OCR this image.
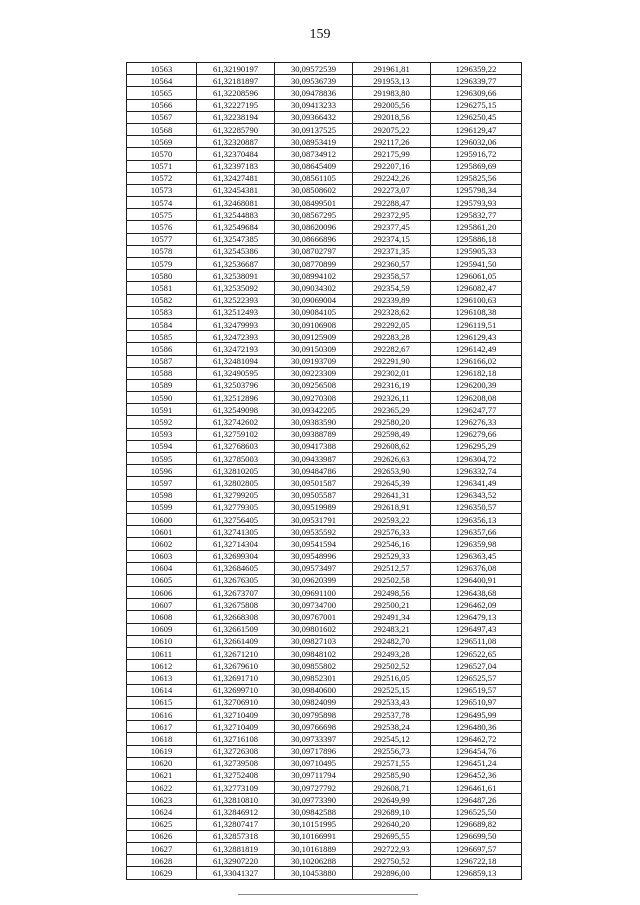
159
10563	61,32190197	30,09572539	291961,81	1296359,22
10564	61,32181897	30,09536739	291953,13	1296339,77
10565	61,32208596	30,09478836	291983,80	1296309,66
10566	61,32227195	30,09413233	292005,56	1296275,15
10567	61,32238194	30,09366432	292018,56	1296250,45
10568	61,32285790	30,09137525	292075,22	1296129,47
10569	61,32320887	30,08953419	292117,26	1296032,06
10570	61,32370484	30,08734912	292175,99	1295916,72
10571	61,32397183	30,08645409	292207,16	1295869,69
10572	61,32427481	30,08561105	292242,26	1295825,56
10573	61,32454381	30,08508602	292273,07	1295798,34
10574	61,32468081	30,08499501	292288,47	1295793,93
10575	61,32544883	30,08567295	292372,95	1295832,77
10576	61,32549684	30,08620096	292377,45	1295861,20
10577	61,32547385	30,08666896	292374,15	1295886,18
10578	61,32545386	30,08702797	292371,35	1295905,33
10579	61,32536687	30,08770899	292360,57	1295941,50
10580	61,32538091	30,08994102	292358,57	1296061,05
10581	61,32535092	30,09034302	292354,59	1296082,47
10582	61,32522393	30,09069004	292339,89	1296100,63
10583	61,32512493	30,09084105	292328,62	1296108,38
10584	61,32479993	30,09106908	292292,05	1296119,51
10585	61,32472393	30,09125909	292283,28	1296129,43
10586	61,32472193	30,09150309	292282,67	1296142,49
10587	61,32481094	30,09193709	292291,90	1296166,02
10588	61,32490595	30,09223309	292302,01	1296182,18
10589	61,32503796	30,09256508	292316,19	1296200,39
10590	61,32512896	30,09270308	292326,11	1296208,08
10591	61,32549098	30,09342205	292365,29	1296247,77
10592	61,32742602	30,09383590	292580,20	1296276,33
10593	61,32759102	30,09388789	292598,49	1296279,66
10594	61,32768603	30,09417388	292608,62	1296295,29
10595	61,32785003	30,09433987	292626,63	1296304,72
10596	61,32810205	30,09484786	292653,90	1296332,74
10597	61,32802805	30,09501587	292645,39	1296341,49
10598	61,32799205	30,09505587	292641,31	1296343,52
10599	61,32779305	30,09519989	292618,91	1296350,57
10600	61,32756405	30,09531791	292593,22	1296356,13
10601	61,32741305	30,09535592	292576,33	1296357,66
10602	61,32714304	30,09541594	292546,16	1296359,98
10603	61,32699304	30,09548996	292529,33	1296363,45
10604	61,32684605	30,09573497	292512,57	1296376,08
10605	61,32676305	30,09620399	292502,58	1296400,91
10606	61,32673707	30,09691100	292498,56	1296438,68
10607	61,32675808	30,09734700	292500,21	1296462,09
10608	61,32668308	30,09767001	292491,34	1296479,13
10609	61,32661509	30,09801602	292483,21	1296497,43
10610	61,32661409	30,09827103	292482,70	1296511,08
10611	61,32671210	30,09848102	292493,28	1296522,65
10612	61,32679610	30,09855802	292502,52	1296527,04
10613	61,32691710	30,09852301	292516,05	1296525,57
10614	61,32699710	30,09840600	292525,15	1296519,57
10615	61,32706910	30,09824099	292533,43	1296510,97
10616	61,32710409	30,09795898	292537,78	1296495,99
10617	61,32710409	30,09766698	292538,24	1296480,36
10618	61,32716108	30,09733397	292545,12	1296462,72
10619	61,32726308	30,09717896	292556,73	1296454,76
10620	61,32739508	30,09710495	292571,55	1296451,24
10621	61,32752408	30,09711794	292585,90	1296452,36
10622	61,32773109	30,09727792	292608,71	1296461,61
10623	61,32810810	30,09773390	292649,99	1296487,26
10624	61,32846912	30,09842588	292689,10	1296525,50
10625	61,32807417	30,10151995	292640,20	1296689,82
10626	61,32857318	30,10166991	292695,55	1296699,50
10627	61,32881819	30,10161889	292722,93	1296697,57
10628	61,32907220	30,10206288	292750,52	1296722,18
10629	61,33041327	30,10453880	292896,00	1296859,13
